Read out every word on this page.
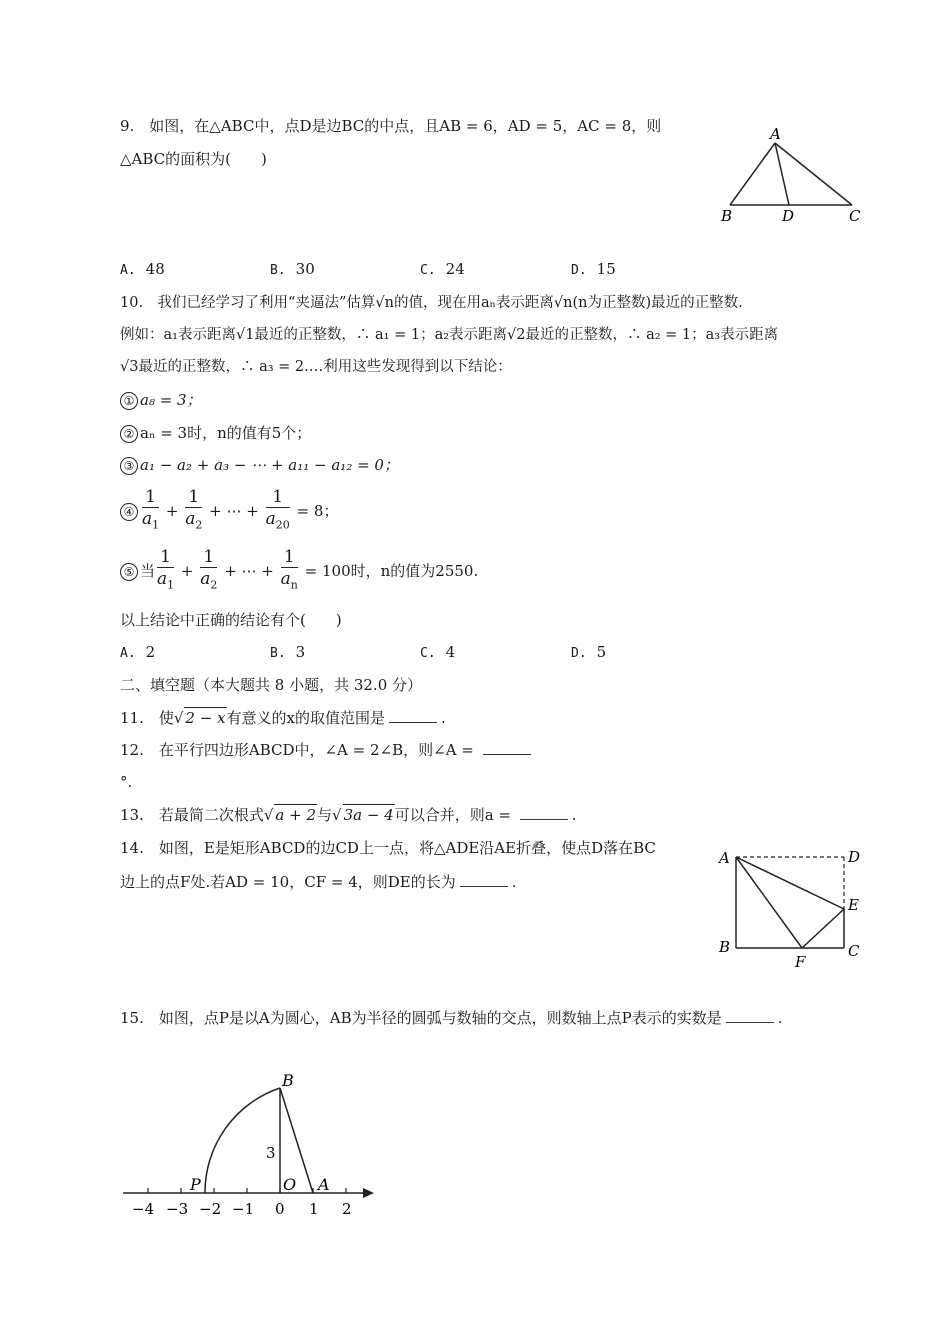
9.　如图，在△ABC中，点D是边BC的中点，且AB = 6，AD = 5，AC = 8，则
△ABC的面积为(　　)
A
B	D	C
A. 48	B. 30	C. 24	D. 15
10.　我们已经学习了利用“夹逼法”估算√n的值，现在用aₙ表示距离√n(n为正整数)最近的正整数.
例如：a₁表示距离√1最近的正整数，∴ a₁ = 1；a₂表示距离√2最近的正整数，∴ a₂ = 1；a₃表示距离
√3最近的正整数，∴ a₃ = 2.…利用这些发现得到以下结论：
① a₈ = 3；
② aₙ = 3时，n的值有5个；
③ a₁ − a₂ + a₃ − ⋯ + a₁₁ − a₁₂ = 0；
④ $\frac{1}{a_1} + \frac{1}{a_2}$ + ⋯ + $\frac{1}{a_{20}} = 8$；
⑤ 当 $\frac{1}{a_1} + \frac{1}{a_2}$ + ⋯ + $\frac{1}{a_n} = 100$时，n的值为2550.
以上结论中正确的结论有个(　　)
A. 2	B. 3	C. 4	D. 5
二、填空题（本大题共 8 小题，共 32.0 分）
11.　使√ 2 − x有意义的x的取值范围是	.
12.　在平行四边形ABCD中，∠A = 2∠B，则∠A =
°.
13.　若最简二次根式√ a + 2与√ 3a − 4可以合并，则a =	.
14.　如图，E是矩形ABCD的边CD上一点，将△ADE沿AE折叠，使点D落在BC
边上的点F处.若AD = 10，CF = 4，则DE的长为	.
A	D
E
B	C
F
15.　如图，点P是以A为圆心，AB为半径的圆弧与数轴的交点，则数轴上点P表示的实数是	.
B
3
P	O A
−4 −3 −2 −1 0 1 2
